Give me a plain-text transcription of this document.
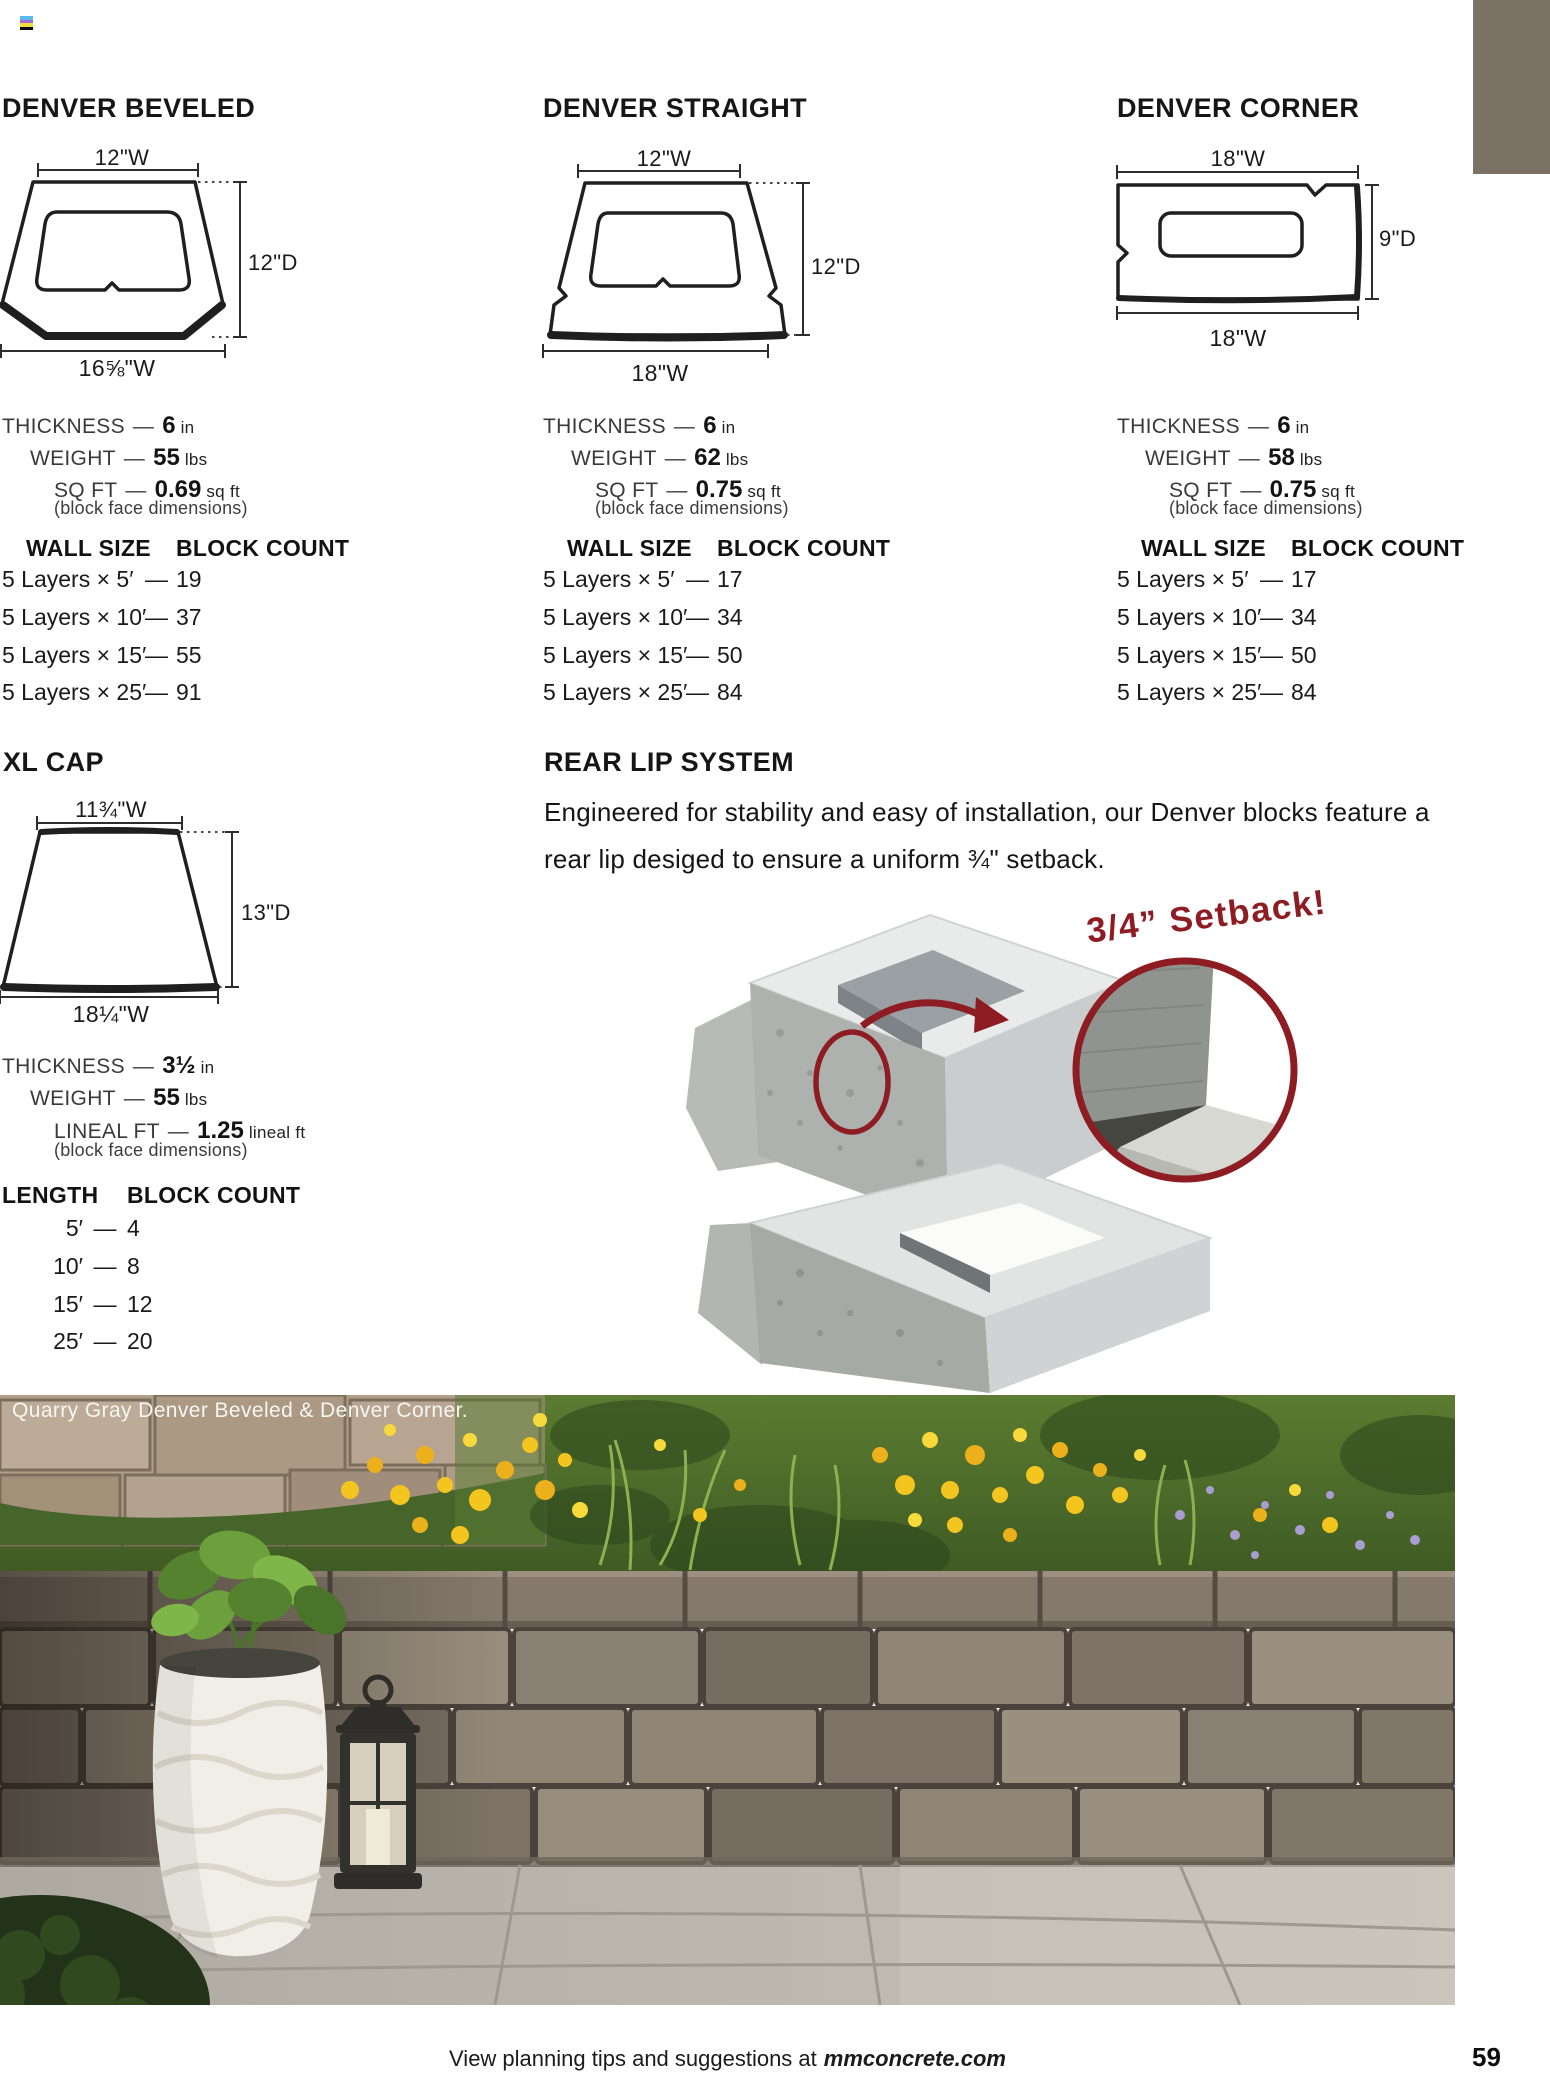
DENVER BEVELED
12"W
12"D
16⅝"W
THICKNESS — 6 in
WEIGHT — 55 lbs
SQ FT — 0.69 sq ft
(block face dimensions)
WALL SIZE BLOCK COUNT
5 Layers × 5′ — 19
5 Layers × 10′— 37
5 Layers × 15′— 55
5 Layers × 25′— 91
DENVER STRAIGHT
12"W
12"D
18"W
THICKNESS — 6 in
WEIGHT — 62 lbs
SQ FT — 0.75 sq ft
(block face dimensions)
WALL SIZE BLOCK COUNT
5 Layers × 5′ — 17
5 Layers × 10′— 34
5 Layers × 15′— 50
5 Layers × 25′— 84
DENVER CORNER
18"W
9"D
18"W
THICKNESS — 6 in
WEIGHT — 58 lbs
SQ FT — 0.75 sq ft
(block face dimensions)
WALL SIZE BLOCK COUNT
5 Layers × 5′ — 17
5 Layers × 10′— 34
5 Layers × 15′— 50
5 Layers × 25′— 84
XL CAP
11¾"W
13"D
18¼"W
THICKNESS — 3½ in
WEIGHT — 55 lbs
LINEAL FT — 1.25 lineal ft
(block face dimensions)
LENGTH BLOCK COUNT
5′ — 4
10′ — 8
15′ — 12
25′ — 20
REAR LIP SYSTEM
Engineered for stability and easy of installation, our Denver blocks feature a rear lip desiged to ensure a uniform ¾" setback.
3/4” Setback!
Quarry Gray Denver Beveled & Denver Corner.
View planning tips and suggestions at mmconcrete.com	59
